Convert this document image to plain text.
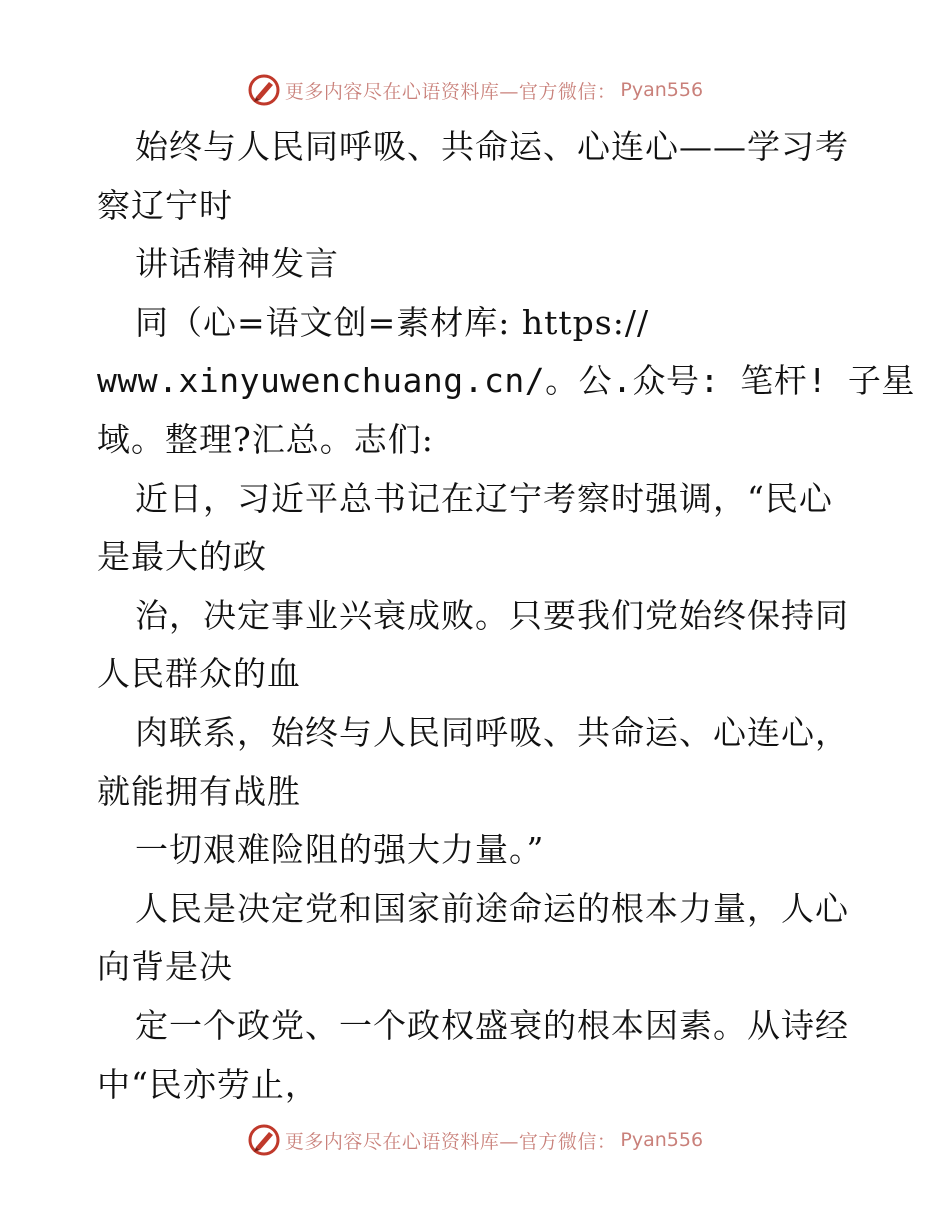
更多内容尽在心语资料库—官方微信： Pyan556
始终与人民同呼吸、共命运、心连心——学习考
察辽宁时
讲话精神发言
同（心=语文创=素材库: https://
www.xinyuwenchuang.cn/。公.众号: 笔杆! 子星
域。整理?汇总。志们:
近日，习近平总书记在辽宁考察时强调，“民心
是最大的政
治，决定事业兴衰成败。只要我们党始终保持同
人民群众的血
肉联系，始终与人民同呼吸、共命运、心连心，
就能拥有战胜
一切艰难险阻的强大力量。”
人民是决定党和国家前途命运的根本力量，人心
向背是决
定一个政党、一个政权盛衰的根本因素。从诗经
中“民亦劳止，
更多内容尽在心语资料库—官方微信： Pyan556
